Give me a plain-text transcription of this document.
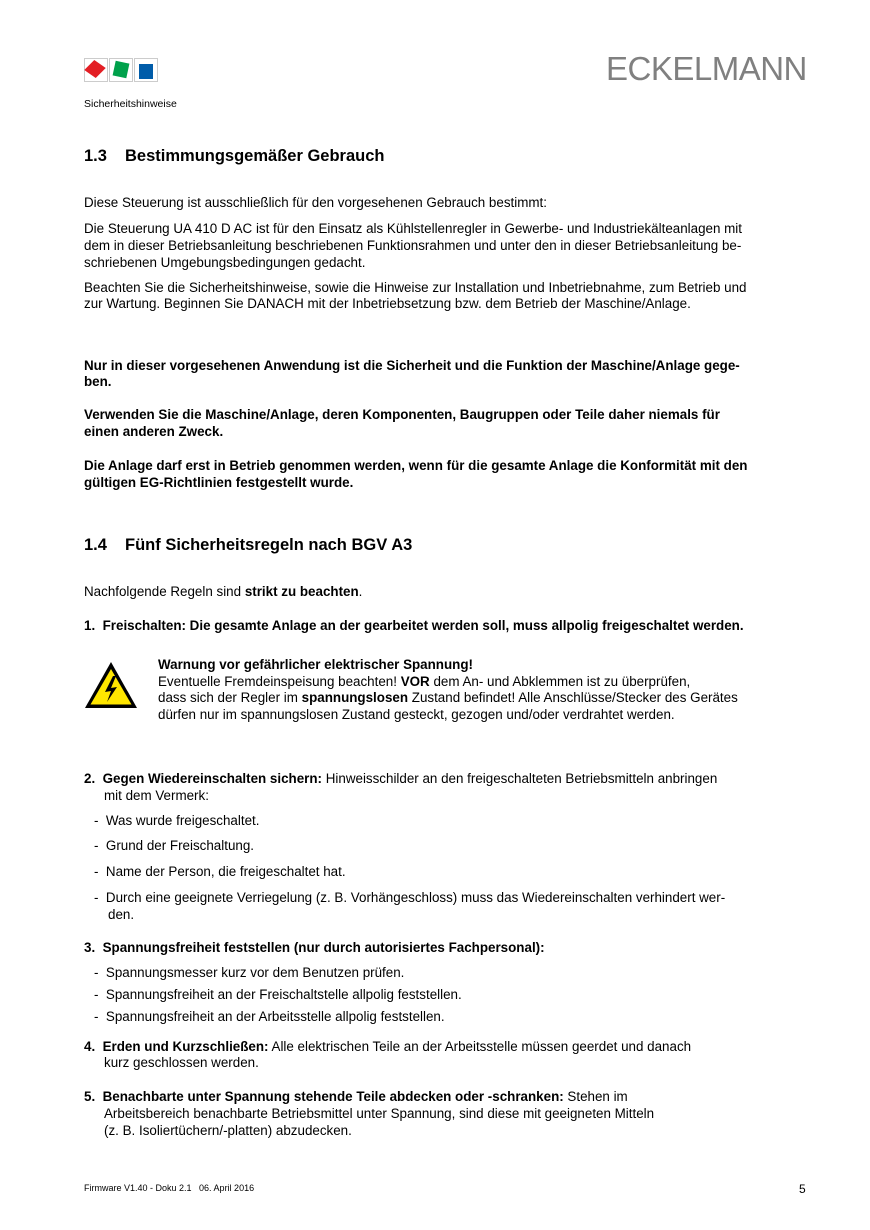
ECKELMANN
Sicherheitshinweise
1.3 Bestimmungsgemäßer Gebrauch
Diese Steuerung ist ausschließlich für den vorgesehenen Gebrauch bestimmt:
Die Steuerung UA 410 D AC ist für den Einsatz als Kühlstellenregler in Gewerbe- und Industriekälteanlagen mit
dem in dieser Betriebsanleitung beschriebenen Funktionsrahmen und unter den in dieser Betriebsanleitung be-
schriebenen Umgebungsbedingungen gedacht.
Beachten Sie die Sicherheitshinweise, sowie die Hinweise zur Installation und Inbetriebnahme, zum Betrieb und
zur Wartung. Beginnen Sie DANACH mit der Inbetriebsetzung bzw. dem Betrieb der Maschine/Anlage.
Nur in dieser vorgesehenen Anwendung ist die Sicherheit und die Funktion der Maschine/Anlage gege-
ben.
Verwenden Sie die Maschine/Anlage, deren Komponenten, Baugruppen oder Teile daher niemals für
einen anderen Zweck.
Die Anlage darf erst in Betrieb genommen werden, wenn für die gesamte Anlage die Konformität mit den
gültigen EG-Richtlinien festgestellt wurde.
1.4 Fünf Sicherheitsregeln nach BGV A3
Nachfolgende Regeln sind strikt zu beachten.
1.  Freischalten: Die gesamte Anlage an der gearbeitet werden soll, muss allpolig freigeschaltet werden.
Warnung vor gefährlicher elektrischer Spannung!
Eventuelle Fremdeinspeisung beachten! VOR dem An- und Abklemmen ist zu überprüfen,
dass sich der Regler im spannungslosen Zustand befindet! Alle Anschlüsse/Stecker des Gerätes
dürfen nur im spannungslosen Zustand gesteckt, gezogen und/oder verdrahtet werden.
2.  Gegen Wiedereinschalten sichern: Hinweisschilder an den freigeschalteten Betriebsmitteln anbringen
mit dem Vermerk:
-  Was wurde freigeschaltet.
-  Grund der Freischaltung.
-  Name der Person, die freigeschaltet hat.
-  Durch eine geeignete Verriegelung (z. B. Vorhängeschloss) muss das Wiedereinschalten verhindert wer-
den.
3.  Spannungsfreiheit feststellen (nur durch autorisiertes Fachpersonal):
-  Spannungsmesser kurz vor dem Benutzen prüfen.
-  Spannungsfreiheit an der Freischaltstelle allpolig feststellen.
-  Spannungsfreiheit an der Arbeitsstelle allpolig feststellen.
4.  Erden und Kurzschließen: Alle elektrischen Teile an der Arbeitsstelle müssen geerdet und danach
kurz geschlossen werden.
5.  Benachbarte unter Spannung stehende Teile abdecken oder -schranken: Stehen im
Arbeitsbereich benachbarte Betriebsmittel unter Spannung, sind diese mit geeigneten Mitteln
(z. B. Isoliertüchern/-platten) abzudecken.
Firmware V1.40 - Doku 2.1   06. April 2016	5
